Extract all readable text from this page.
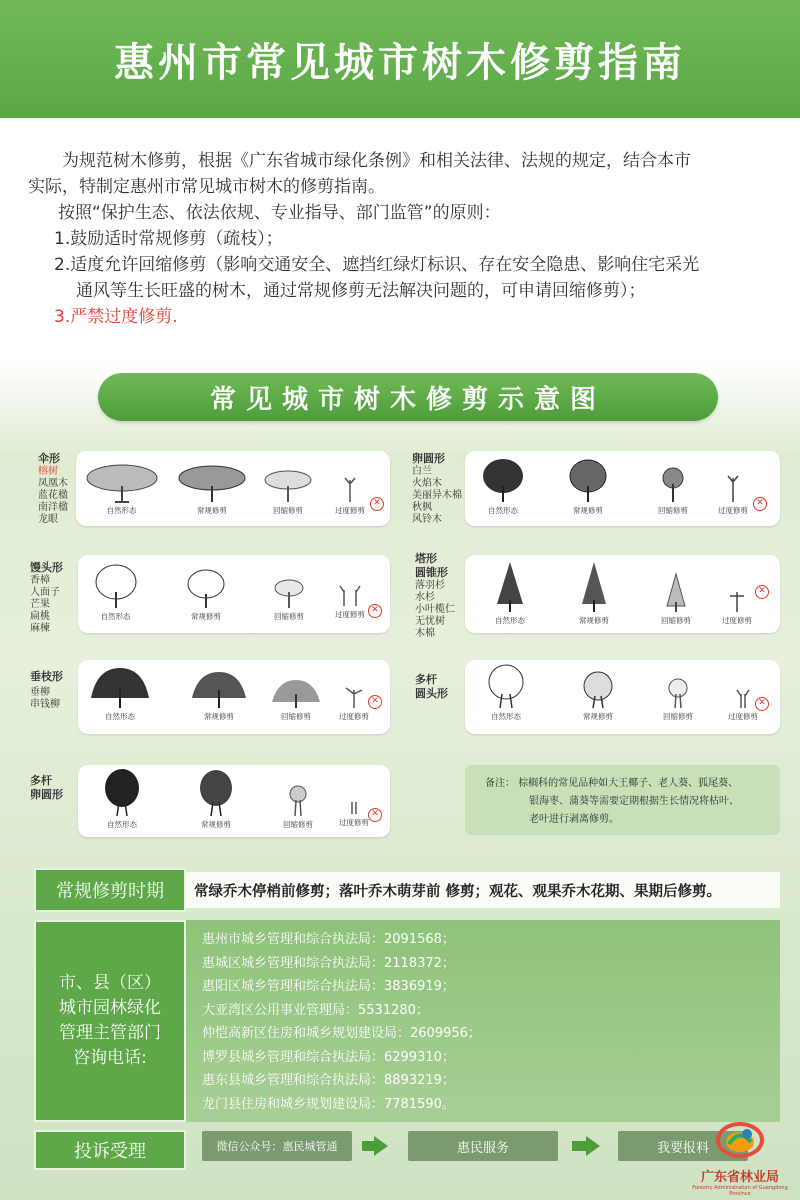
惠州市常见城市树木修剪指南

为规范树木修剪，根据《广东省城市绿化条例》和相关法律、法规的规定，结合本市

实际，特制定惠州市常见城市树木的修剪指南。

按照“保护生态、依法依规、专业指导、部门监管”的原则：

1.鼓励适时常规修剪（疏枝）；

2.适度允许回缩修剪（影响交通安全、遮挡红绿灯标识、存在安全隐患、影响住宅采光

通风等生长旺盛的树木，通过常规修剪无法解决问题的，可申请回缩修剪）；

3.严禁过度修剪.

常见城市树木修剪示意图
伞形
榕树
凤凰木
蓝花楹
南洋楹
龙眼
卵圆形
白兰
火焰木
美丽异木棉
秋枫
风铃木
馒头形
香樟
人面子
芒果
扁桃
麻楝
塔形
圆锥形
落羽杉
水杉
小叶榄仁
无忧树
木棉
垂枝形
垂柳
串钱柳
多杆
圆头形
多杆
卵圆形
自然形态	常规修剪	回缩修剪	过度修剪
✕
自然形态	常规修剪	回缩修剪	过度修剪
✕
自然形态	常规修剪	回缩修剪	过度修剪 ✕
自然形态	常规修剪	回缩修剪	过度修剪
✕
自然形态	常规修剪	回缩修剪	过度修剪
✕
自然形态	常规修剪	回缩修剪	过度修剪
✕
自然形态	常规修剪	回缩修剪	过度修剪
✕
备注： 棕榈科的常见品种如大王椰子、老人葵、狐尾葵、
银海枣、蒲葵等需要定期根据生长情况将枯叶、
老叶进行剥离修剪。
常规修剪时期	常绿乔木停梢前修剪；落叶乔木萌芽前 修剪；观花、观果乔木花期、果期后修剪。
市、县（区）
城市园林绿化
管理主管部门
咨询电话:
惠州市城乡管理和综合执法局：2091568；
惠城区城乡管理和综合执法局：2118372；
惠阳区城乡管理和综合执法局：3836919；
大亚湾区公用事业管理局：5531280；
仲恺高新区住房和城乡规划建设局：2609956；
博罗县城乡管理和综合执法局：6299310；
惠东县城乡管理和综合执法局：8893219；
龙门县住房和城乡规划建设局：7781590。
投诉受理	微信公众号：惠民城管通	惠民服务	我要报料
广东省林业局
Forestry Administration of Guangdong Province
